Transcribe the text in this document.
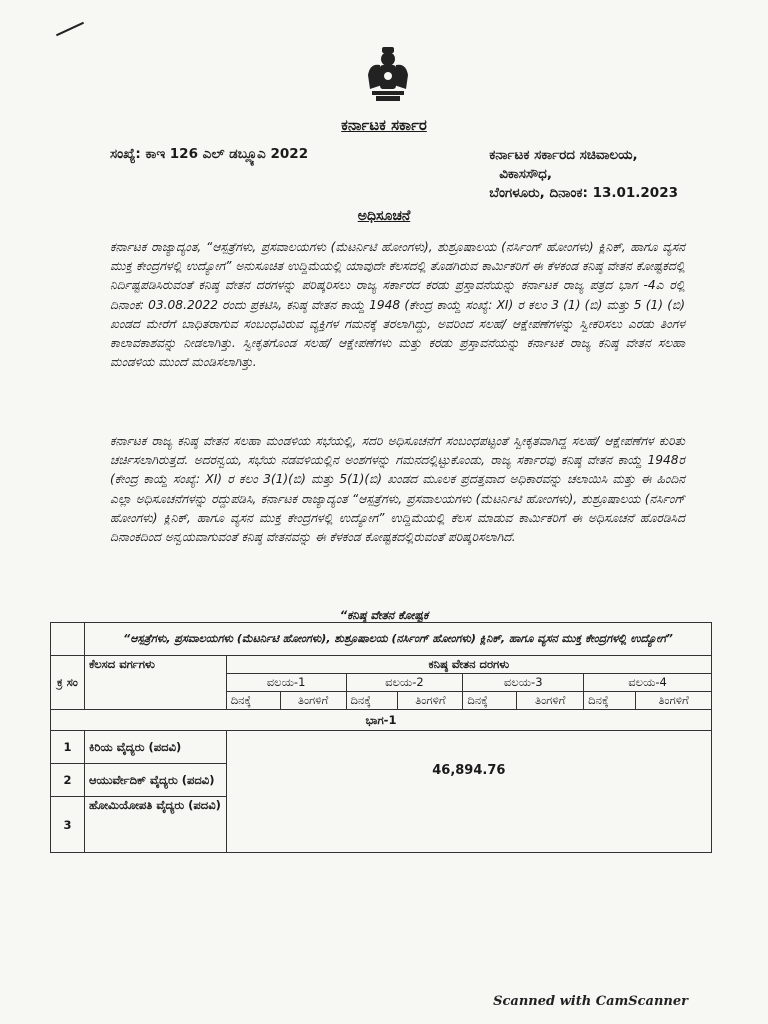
ಕರ್ನಾಟಕ ಸರ್ಕಾರ
ಸಂಖ್ಯೆ: ಕಾಇ 126 ಎಲ್ ಡಬ್ಲ್ಯೂಎ 2022	ಕರ್ನಾಟಕ ಸರ್ಕಾರದ ಸಚಿವಾಲಯ,
ವಿಕಾಸಸೌಧ,
ಬೆಂಗಳೂರು, ದಿನಾಂಕ: 13.01.2023
ಅಧಿಸೂಚನೆ
ಕರ್ನಾಟಕ ರಾಜ್ಯಾದ್ಯಂತ, “ಆಸ್ಪತ್ರೆಗಳು, ಪ್ರಸವಾಲಯಗಳು (ಮೆಟರ್ನಿಟಿ ಹೋಂಗಳು), ಶುಶ್ರೂಷಾಲಯ (ನರ್ಸಿಂಗ್ ಹೋಂಗಳು) ಕ್ಲಿನಿಕ್, ಹಾಗೂ ವ್ಯಸನ ಮುಕ್ತ ಕೇಂದ್ರಗಳಲ್ಲಿ ಉದ್ಯೋಗ” ಅನುಸೂಚಿತ ಉದ್ದಿಮೆಯಲ್ಲಿ ಯಾವುದೇ ಕೆಲಸದಲ್ಲಿ ತೊಡಗಿರುವ ಕಾರ್ಮಿಕರಿಗೆ ಈ ಕೆಳಕಂಡ ಕನಿಷ್ಠ ವೇತನ ಕೋಷ್ಟಕದಲ್ಲಿ ನಿರ್ದಿಷ್ಟಪಡಿಸಿರುವಂತೆ ಕನಿಷ್ಠ ವೇತನ ದರಗಳನ್ನು ಪರಿಷ್ಕರಿಸಲು ರಾಜ್ಯ ಸರ್ಕಾರದ ಕರಡು ಪ್ರಸ್ತಾವನೆಯನ್ನು ಕರ್ನಾಟಕ ರಾಜ್ಯ ಪತ್ರದ ಭಾಗ -4ಎ ರಲ್ಲಿ ದಿನಾಂಕ: 03.08.2022 ರಂದು ಪ್ರಕಟಿಸಿ, ಕನಿಷ್ಠ ವೇತನ ಕಾಯ್ದೆ 1948 (ಕೇಂದ್ರ ಕಾಯ್ದೆ ಸಂಖ್ಯೆ: XI) ರ ಕಲಂ 3 (1) (ಬಿ) ಮತ್ತು 5 (1) (ಬಿ) ಖಂಡದ ಮೇರೆಗೆ ಬಾಧಿತರಾಗುವ ಸಂಬಂಧವಿರುವ ವ್ಯಕ್ತಿಗಳ ಗಮನಕ್ಕೆ ತರಲಾಗಿದ್ದು, ಅವರಿಂದ ಸಲಹೆ/ ಆಕ್ಷೇಪಣೆಗಳನ್ನು ಸ್ವೀಕರಿಸಲು ಎರಡು ತಿಂಗಳ ಕಾಲಾವಕಾಶವನ್ನು ನೀಡಲಾಗಿತ್ತು. ಸ್ವೀಕೃತಗೊಂಡ ಸಲಹೆ/ ಆಕ್ಷೇಪಣೆಗಳು ಮತ್ತು ಕರಡು ಪ್ರಸ್ತಾವನೆಯನ್ನು ಕರ್ನಾಟಕ ರಾಜ್ಯ ಕನಿಷ್ಠ ವೇತನ ಸಲಹಾ ಮಂಡಳಿಯ ಮುಂದೆ ಮಂಡಿಸಲಾಗಿತ್ತು.
ಕರ್ನಾಟಕ ರಾಜ್ಯ ಕನಿಷ್ಠ ವೇತನ ಸಲಹಾ ಮಂಡಳಿಯ ಸಭೆಯಲ್ಲಿ, ಸದರಿ ಅಧಿಸೂಚನೆಗೆ ಸಂಬಂಧಪಟ್ಟಂತೆ ಸ್ವೀಕೃತವಾಗಿದ್ದ ಸಲಹೆ/ ಆಕ್ಷೇಪಣೆಗಳ ಕುರಿತು ಚರ್ಚಿಸಲಾಗಿರುತ್ತದೆ. ಅದರನ್ವಯ, ಸಭೆಯ ನಡವಳಿಯಲ್ಲಿನ ಅಂಶಗಳನ್ನು ಗಮನದಲ್ಲಿಟ್ಟುಕೊಂಡು, ರಾಜ್ಯ ಸರ್ಕಾರವು ಕನಿಷ್ಠ ವೇತನ ಕಾಯ್ದೆ 1948ರ (ಕೇಂದ್ರ ಕಾಯ್ದೆ ಸಂಖ್ಯೆ: XI) ರ ಕಲಂ 3(1)(ಬಿ) ಮತ್ತು 5(1)(ಬಿ) ಖಂಡದ ಮೂಲಕ ಪ್ರದತ್ತವಾದ ಅಧಿಕಾರವನ್ನು ಚಲಾಯಿಸಿ ಮತ್ತು ಈ ಹಿಂದಿನ ಎಲ್ಲಾ ಅಧಿಸೂಚನೆಗಳನ್ನು ರದ್ದುಪಡಿಸಿ, ಕರ್ನಾಟಕ ರಾಜ್ಯಾದ್ಯಂತ “ಆಸ್ಪತ್ರೆಗಳು, ಪ್ರಸವಾಲಯಗಳು (ಮೆಟರ್ನಿಟಿ ಹೋಂಗಳು), ಶುಶ್ರೂಷಾಲಯ (ನರ್ಸಿಂಗ್ ಹೋಂಗಳು) ಕ್ಲಿನಿಕ್, ಹಾಗೂ ವ್ಯಸನ ಮುಕ್ತ ಕೇಂದ್ರಗಳಲ್ಲಿ ಉದ್ಯೋಗ” ಉದ್ದಿಮೆಯಲ್ಲಿ ಕೆಲಸ ಮಾಡುವ ಕಾರ್ಮಿಕರಿಗೆ ಈ ಅಧಿಸೂಚನೆ ಹೊರಡಿಸಿದ ದಿನಾಂಕದಿಂದ ಅನ್ವಯವಾಗುವಂತೆ ಕನಿಷ್ಠ ವೇತನವನ್ನು ಈ ಕೆಳಕಂಡ ಕೋಷ್ಟಕದಲ್ಲಿರುವಂತೆ ಪರಿಷ್ಕರಿಸಲಾಗಿದೆ.
“ಕನಿಷ್ಠ ವೇತನ ಕೋಷ್ಟಕ
	“ಆಸ್ಪತ್ರೆಗಳು, ಪ್ರಸವಾಲಯಗಳು (ಮೆಟರ್ನಿಟಿ ಹೋಂಗಳು), ಶುಶ್ರೂಷಾಲಯ (ನರ್ಸಿಂಗ್ ಹೋಂಗಳು) ಕ್ಲಿನಿಕ್, ಹಾಗೂ ವ್ಯಸನ ಮುಕ್ತ ಕೇಂದ್ರಗಳಲ್ಲಿ ಉದ್ಯೋಗ”								
ಕ್ರ ಸಂ	ಕೆಲಸದ ವರ್ಗಗಳು	ಕನಿಷ್ಠ ವೇತನ ದರಗಳು							
		ವಲಯ-1		ವಲಯ-2		ವಲಯ-3		ವಲಯ-4	
		ದಿನಕ್ಕೆ	ತಿಂಗಳಿಗೆ	ದಿನಕ್ಕೆ	ತಿಂಗಳಿಗೆ	ದಿನಕ್ಕೆ	ತಿಂಗಳಿಗೆ	ದಿನಕ್ಕೆ	ತಿಂಗಳಿಗೆ
ಭಾಗ-1									
1	ಕಿರಿಯ ವೈದ್ಯರು (ಪದವಿ)	46,894.76							
2	ಆಯುರ್ವೇದಿಕ್ ವೈದ್ಯರು (ಪದವಿ)								
3	ಹೋಮಿಯೋಪತಿ ವೈದ್ಯರು (ಪದವಿ)								
Scanned with CamScanner
